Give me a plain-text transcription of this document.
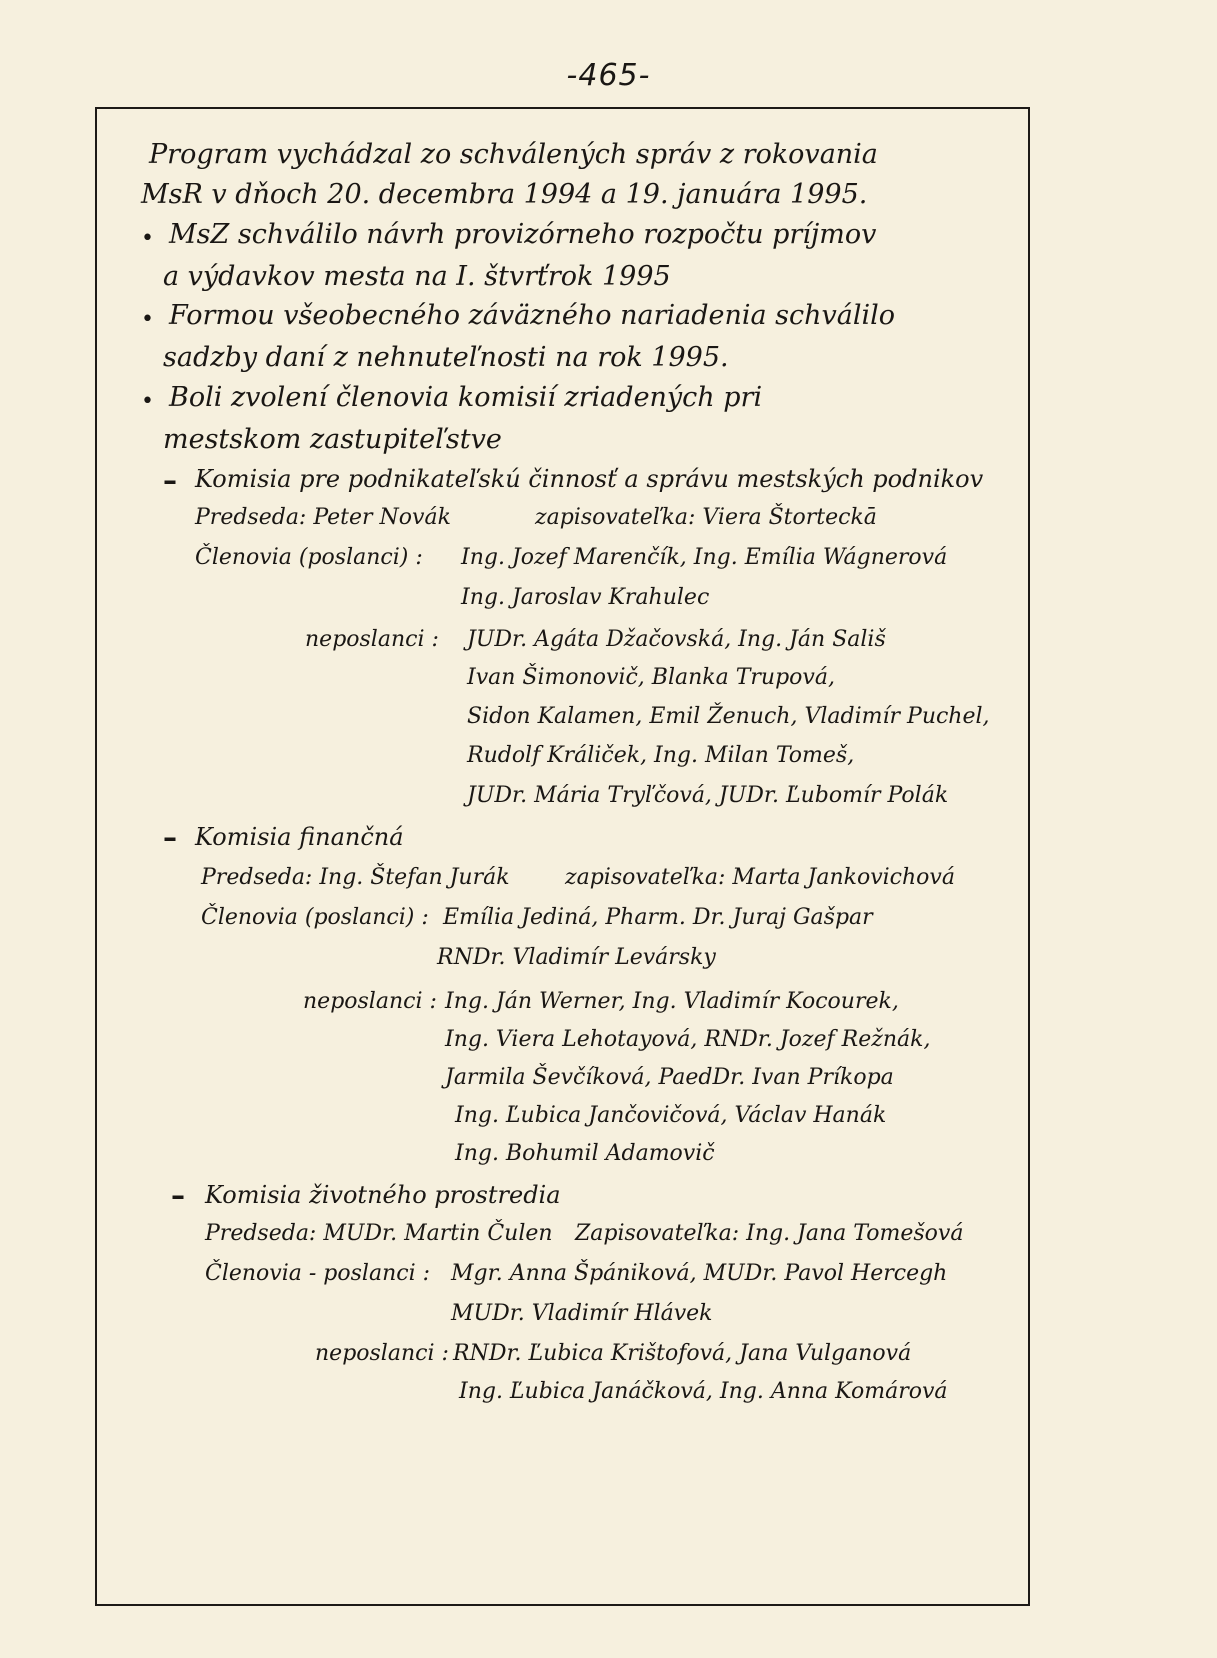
-465-
Program vychádzal zo schválených správ z rokovania
MsR v dňoch 20. decembra 1994 a 19. januára 1995.
• MsZ schválilo návrh provizórneho rozpočtu príjmov
a výdavkov mesta na I. štvrťrok 1995
• Formou všeobecného záväzného nariadenia schválilo
sadzby daní z nehnuteľnosti na rok 1995.
• Boli zvolení členovia komisií zriadených pri
mestskom zastupiteľstve
– Komisia pre podnikateľskú činnosť a správu mestských podnikov
Predseda: Peter Novák	zapisovateľka: Viera Štorteckā
Členovia (poslanci) : Ing. Jozef Marenčík, Ing. Emília Wágnerová
Ing. Jaroslav Krahulec
neposlanci : JUDr. Agáta Džačovská, Ing. Ján Sališ
Ivan Šimonovič, Blanka Trupová,
Sidon Kalamen, Emil Ženuch, Vladimír Puchel,
Rudolf Králiček, Ing. Milan Tomeš,
JUDr. Mária Tryľčová, JUDr. Ľubomír Polák
– Komisia finančná
Predseda: Ing. Štefan Jurák	zapisovateľka: Marta Jankovichová
Členovia (poslanci) : Emília Jediná, Pharm. Dr. Juraj Gašpar
RNDr. Vladimír Levársky
neposlanci : Ing. Ján Werner, Ing. Vladimír Kocourek,
Ing. Viera Lehotayová, RNDr. Jozef Režnák,
Jarmila Ševčíková, PaedDr. Ivan Príkopa
Ing. Ľubica Jančovičová, Václav Hanák
Ing. Bohumil Adamovič
– Komisia životného prostredia
Predseda: MUDr. Martin Čulen Zapisovateľka: Ing. Jana Tomešová
Členovia - poslanci : Mgr. Anna Špániková, MUDr. Pavol Hercegh
MUDr. Vladimír Hlávek
neposlanci : RNDr. Ľubica Krištofová, Jana Vulganová
Ing. Ľubica Janáčková, Ing. Anna Komárová
